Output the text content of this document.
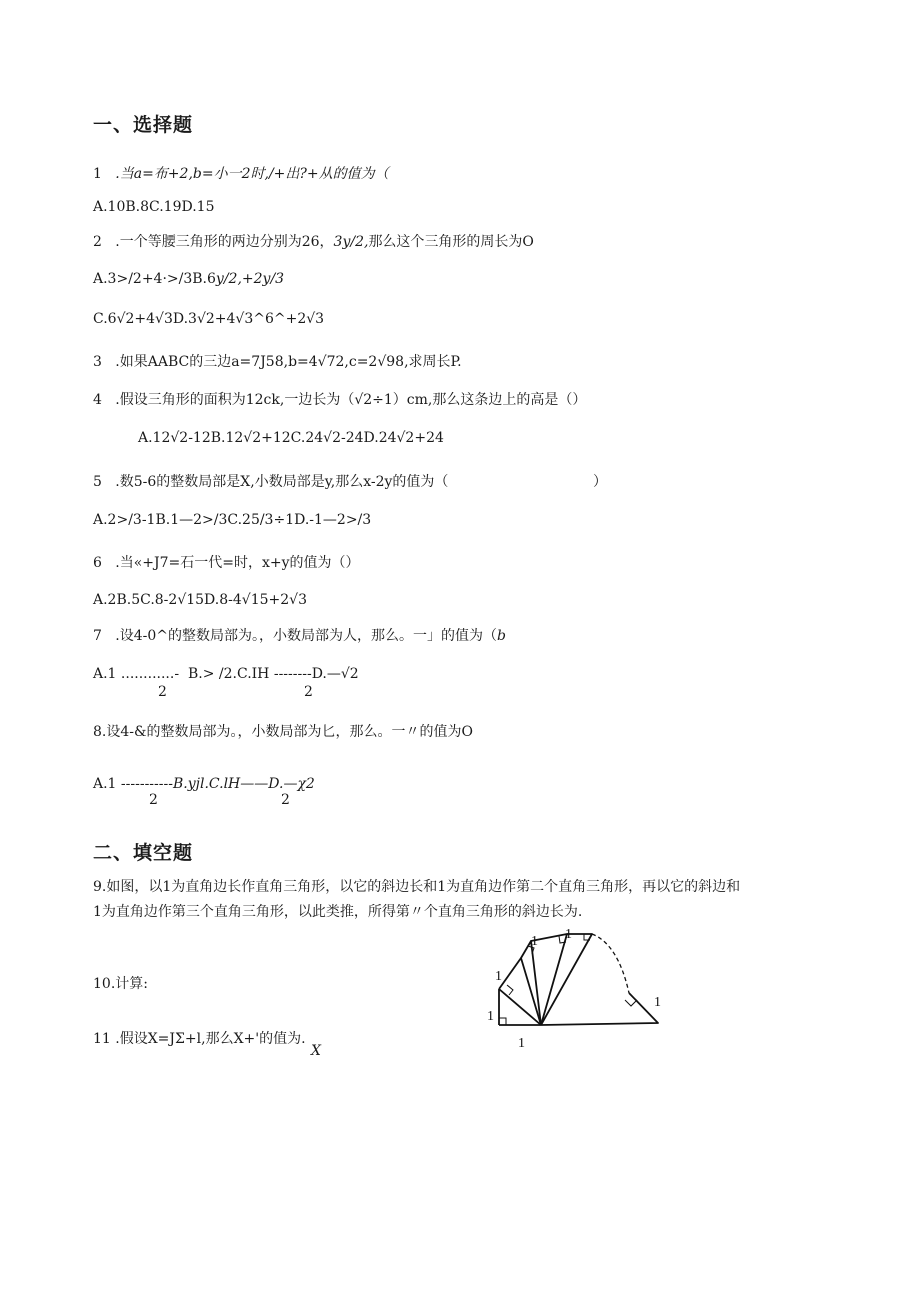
一、选择题
1 .当a=布+2,b=小一2时,/+出?+从的值为（
A.10B.8C.19D.15
2 .一个等腰三角形的两边分别为26，3y/2,那么这个三角形的周长为O
A.3>/2+4·>/3B.6y/2,+2y/3
C.6√2+4√3D.3√2+4√3^6^+2√3
3 .如果AABC的三边a=7J58,b=4√72,c=2√98,求周长P.
4 .假设三角形的面积为12ck,一边长为（√2÷1）cm,那么这条边上的高是（）
A.12√2-12B.12√2+12C.24√2-24D.24√2+24
5 .数5-6的整数局部是X,小数局部是y,那么x-2y的值为（	）
A.2>/3-1B.1—2>/3C.25/3÷1D.-1—2>/3
6 .当«+J7=石一代=时，x+y的值为（）
A.2B.5C.8-2√15D.8-4√15+2√3
7 .设4-0^的整数局部为。，小数局部为人，那么。一」的值为（b
A.1 ............- B.> /2.C.IH --------D.—√2
2	2
8.设4-&的整数局部为。，小数局部为匕，那么。一〃的值为O
A.1 ----------- B.yjl.C.lH——D.—χ2
2	2
二、填空题
9.如图，以1为直角边长作直角三角形，以它的斜边长和1为直角边作第二个直角三角形，再以它的斜边和
1为直角边作第三个直角三角形，以此类推，所得第〃个直角三角形的斜边长为.
10.计算:
11 .假设X=JΣ+l,那么X+'的值为.
X
1
1
1
1 1
1
